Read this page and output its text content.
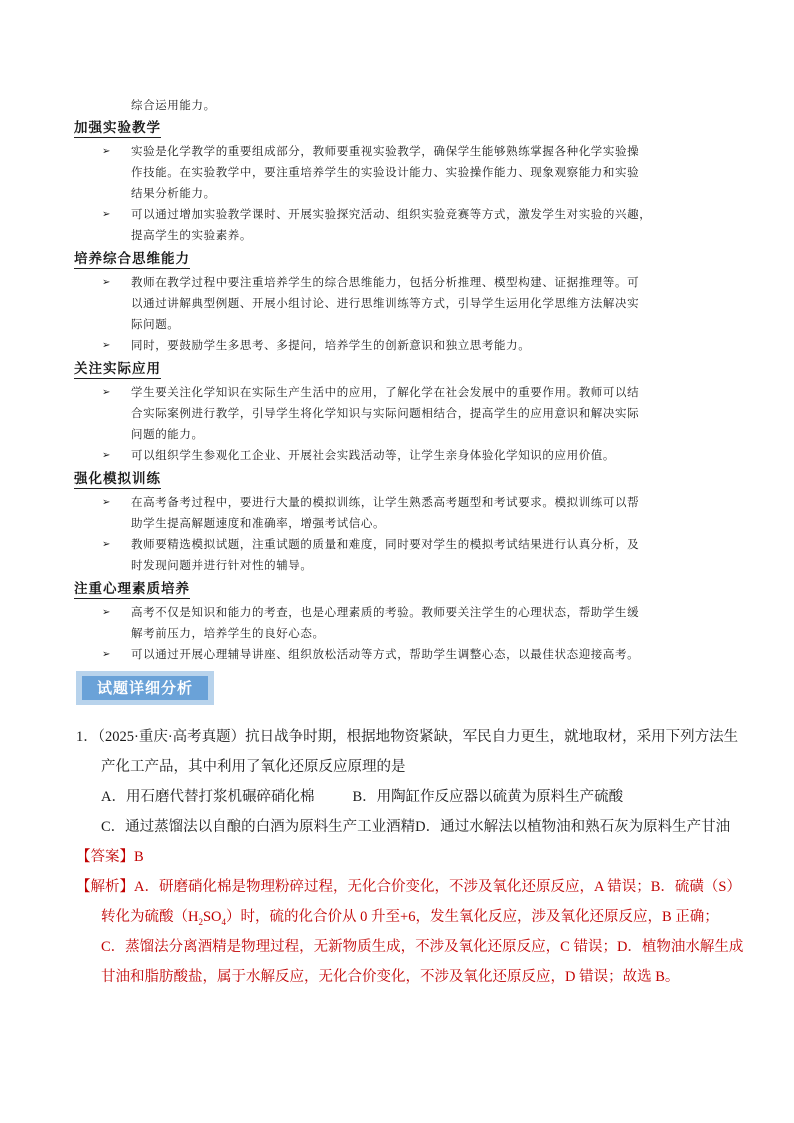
综合运用能力。
加强实验教学
➢ 实验是化学教学的重要组成部分，教师要重视实验教学，确保学生能够熟练掌握各种化学实验操
作技能。在实验教学中，要注重培养学生的实验设计能力、实验操作能力、现象观察能力和实验
结果分析能力。
➢ 可以通过增加实验教学课时、开展实验探究活动、组织实验竞赛等方式，激发学生对实验的兴趣，
提高学生的实验素养。
培养综合思维能力
➢ 教师在教学过程中要注重培养学生的综合思维能力，包括分析推理、模型构建、证据推理等。可
以通过讲解典型例题、开展小组讨论、进行思维训练等方式，引导学生运用化学思维方法解决实
际问题。
➢ 同时，要鼓励学生多思考、多提问，培养学生的创新意识和独立思考能力。
关注实际应用
➢ 学生要关注化学知识在实际生产生活中的应用，了解化学在社会发展中的重要作用。教师可以结
合实际案例进行教学，引导学生将化学知识与实际问题相结合，提高学生的应用意识和解决实际
问题的能力。
➢ 可以组织学生参观化工企业、开展社会实践活动等，让学生亲身体验化学知识的应用价值。
强化模拟训练
➢ 在高考备考过程中，要进行大量的模拟训练，让学生熟悉高考题型和考试要求。模拟训练可以帮
助学生提高解题速度和准确率，增强考试信心。
➢ 教师要精选模拟试题，注重试题的质量和难度，同时要对学生的模拟考试结果进行认真分析，及
时发现问题并进行针对性的辅导。
注重心理素质培养
➢ 高考不仅是知识和能力的考查，也是心理素质的考验。教师要关注学生的心理状态，帮助学生缓
解考前压力，培养学生的良好心态。
➢ 可以通过开展心理辅导讲座、组织放松活动等方式，帮助学生调整心态，以最佳状态迎接高考。
试题详细分析
1．（2025·重庆·高考真题）抗日战争时期，根据地物资紧缺，军民自力更生，就地取材，采用下列方法生
产化工产品，其中利用了氧化还原反应原理的是
A．用石磨代替打浆机碾碎硝化棉	B．用陶缸作反应器以硫黄为原料生产硫酸
C．通过蒸馏法以自酿的白酒为原料生产工业酒精D．通过水解法以植物油和熟石灰为原料生产甘油
【答案】B
【解析】A．研磨硝化棉是物理粉碎过程，无化合价变化，不涉及氧化还原反应，A 错误；B．硫磺（S）
转化为硫酸$(H_2SO_4)$时，硫的化合价从 0 升至+6，发生氧化反应，涉及氧化还原反应，B 正确；
C．蒸馏法分离酒精是物理过程，无新物质生成，不涉及氧化还原反应，C 错误；D．植物油水解生成
甘油和脂肪酸盐，属于水解反应，无化合价变化，不涉及氧化还原反应，D 错误；故选 B。
